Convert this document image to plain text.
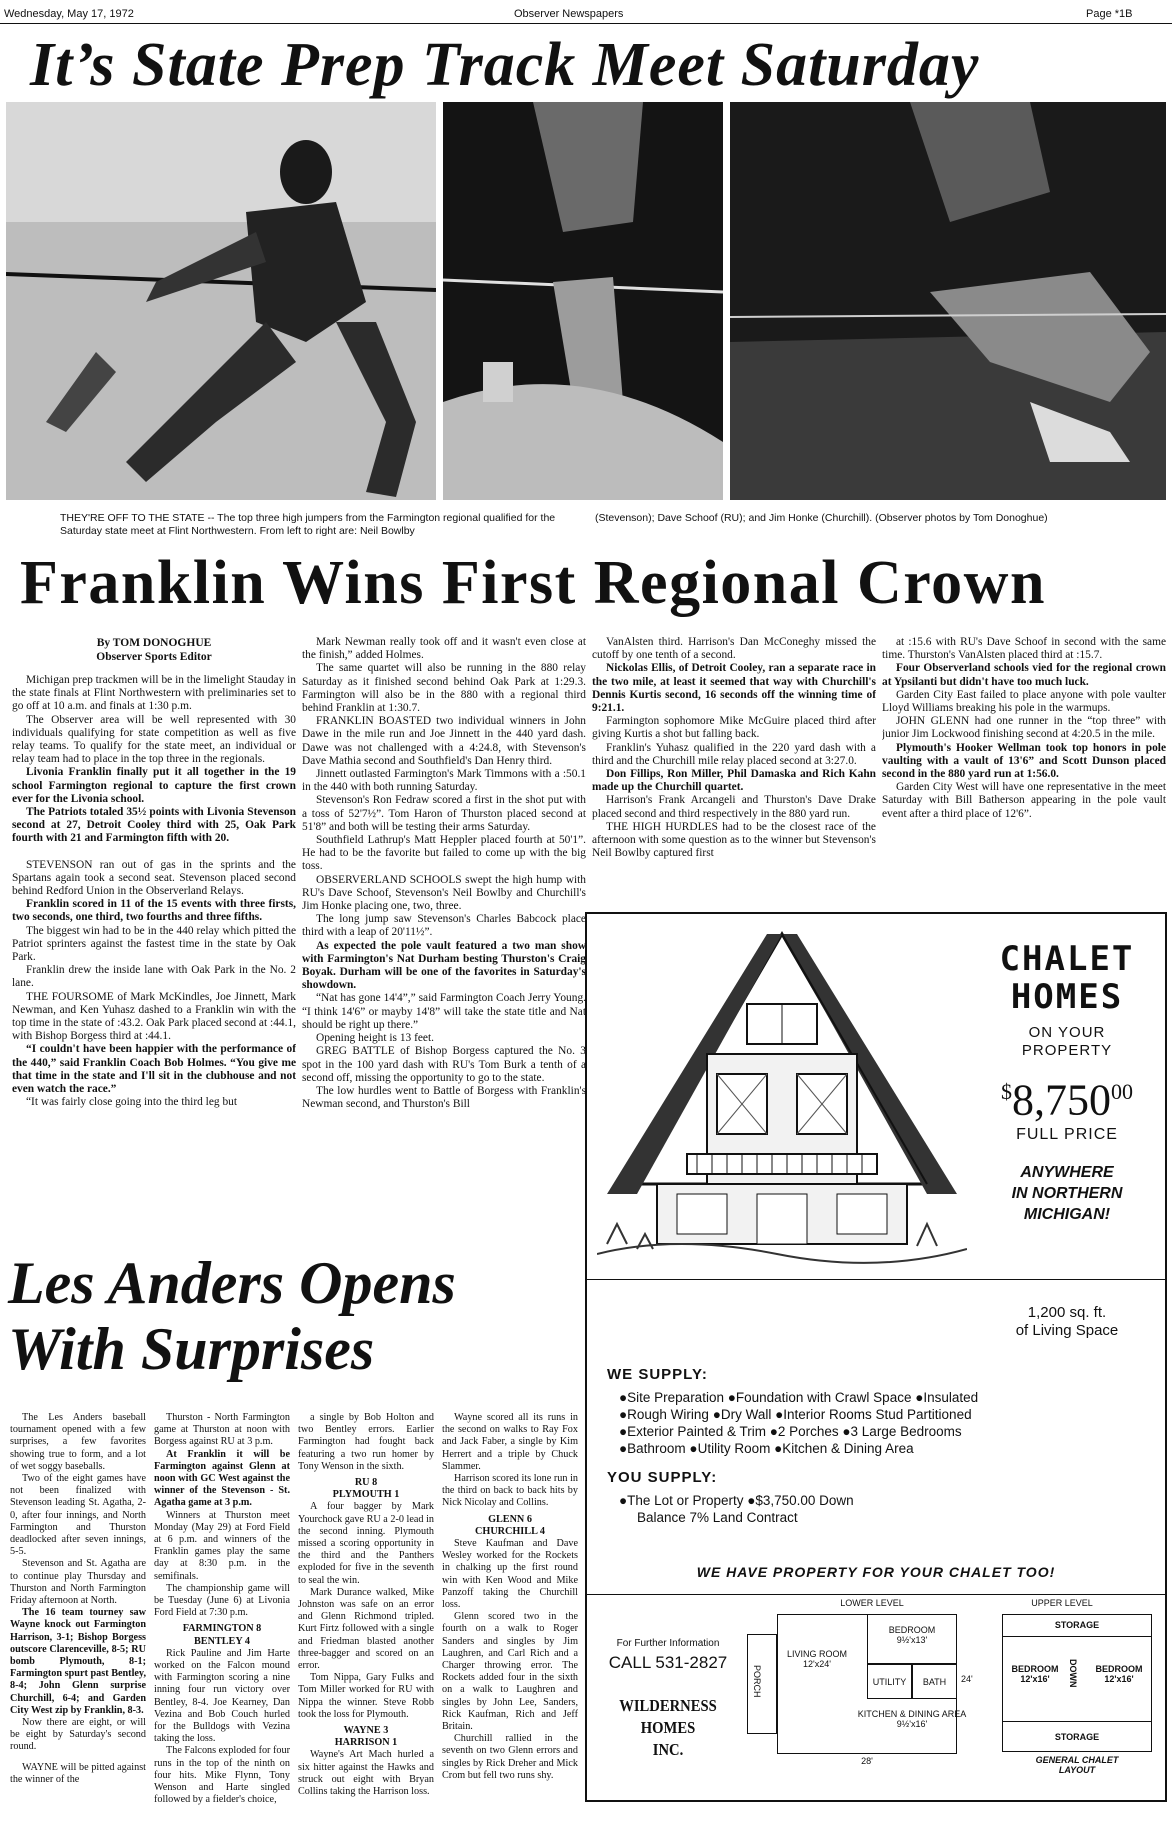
Wednesday, May 17, 1972	Observer Newspapers	Page *1B
It’s State Prep Track Meet Saturday
THEY'RE OFF TO THE STATE -- The top three high jumpers from the Farmington regional qualified for the Saturday state meet at Flint Northwestern. From left to right are: Neil Bowlby
(Stevenson); Dave Schoof (RU); and Jim Honke (Churchill). (Observer photos by Tom Donoghue)
Franklin Wins First Regional Crown
By TOM DONOGHUE
Observer Sports Editor

Michigan prep trackmen will be in the limelight Stauday in the state finals at Flint Northwestern with preliminaries set to go off at 10 a.m. and finals at 1:30 p.m.

The Observer area will be well represented with 30 individuals qualifying for state competition as well as five relay teams. To qualify for the state meet, an individual or relay team had to place in the top three in the regionals.

Livonia Franklin finally put it all together in the 19 school Farmington regional to capture the first crown ever for the Livonia school.

The Patriots totaled 35½ points with Livonia Stevenson second at 27, Detroit Cooley third with 25, Oak Park fourth with 21 and Farmington fifth with 20.

STEVENSON ran out of gas in the sprints and the Spartans again took a second seat. Stevenson placed second behind Redford Union in the Observerland Relays.

Franklin scored in 11 of the 15 events with three firsts, two seconds, one third, two fourths and three fifths.

The biggest win had to be in the 440 relay which pitted the Patriot sprinters against the fastest time in the state by Oak Park.

Franklin drew the inside lane with Oak Park in the No. 2 lane.

THE FOURSOME of Mark McKindles, Joe Jinnett, Mark Newman, and Ken Yuhasz dashed to a Franklin win with the top time in the state of :43.2. Oak Park placed second at :44.1, with Bishop Borgess third at :44.1.

“I couldn't have been happier with the performance of the 440,” said Franklin Coach Bob Holmes. “You give me that time in the state and I'll sit in the clubhouse and not even watch the race.”

“It was fairly close going into the third leg but

Mark Newman really took off and it wasn't even close at the finish,” added Holmes.

The same quartet will also be running in the 880 relay Saturday as it finished second behind Oak Park at 1:29.3. Farmington will also be in the 880 with a regional third behind Franklin at 1:30.7.

FRANKLIN BOASTED two individual winners in John Dawe in the mile run and Joe Jinnett in the 440 yard dash. Dawe was not challenged with a 4:24.8, with Stevenson's Dave Mathia second and Southfield's Dan Henry third.

Jinnett outlasted Farmington's Mark Timmons with a :50.1 in the 440 with both running Saturday.

Stevenson's Ron Fedraw scored a first in the shot put with a toss of 52'7½”. Tom Haron of Thurston placed second at 51'8” and both will be testing their arms Saturday.

Southfield Lathrup's Matt Heppler placed fourth at 50'1”. He had to be the favorite but failed to come up with the big toss.

OBSERVERLAND SCHOOLS swept the high hump with RU's Dave Schoof, Stevenson's Neil Bowlby and Churchill's Jim Honke placing one, two, three.

The long jump saw Stevenson's Charles Babcock place third with a leap of 20'11½”.

As expected the pole vault featured a two man show with Farmington's Nat Durham besting Thurston's Craig Boyak. Durham will be one of the favorites in Saturday's showdown.

“Nat has gone 14'4”,” said Farmington Coach Jerry Young. “I think 14'6” or mayby 14'8” will take the state title and Nat should be right up there.”

Opening height is 13 feet.

GREG BATTLE of Bishop Borgess captured the No. 3 spot in the 100 yard dash with RU's Tom Burk a tenth of a second off, missing the opportunity to go to the state.

The low hurdles went to Battle of Borgess with Franklin's Newman second, and Thurston's Bill

VanAlsten third. Harrison's Dan McConeghy missed the cutoff by one tenth of a second.

Nickolas Ellis, of Detroit Cooley, ran a separate race in the two mile, at least it seemed that way with Churchill's Dennis Kurtis second, 16 seconds off the winning time of 9:21.1.

Farmington sophomore Mike McGuire placed third after giving Kurtis a shot but falling back.

Franklin's Yuhasz qualified in the 220 yard dash with a third and the Churchill mile relay placed second at 3:27.0.

Don Fillips, Ron Miller, Phil Damaska and Rich Kahn made up the Churchill quartet.

Harrison's Frank Arcangeli and Thurston's Dave Drake placed second and third respectively in the 880 yard run.

THE HIGH HURDLES had to be the closest race of the afternoon with some question as to the winner but Stevenson's Neil Bowlby captured first

at :15.6 with RU's Dave Schoof in second with the same time. Thurston's VanAlsten placed third at :15.7.

Four Observerland schools vied for the regional crown at Ypsilanti but didn't have too much luck.

Garden City East failed to place anyone with pole vaulter Lloyd Williams breaking his pole in the warmups.

JOHN GLENN had one runner in the “top three” with junior Jim Lockwood finishing second at 4:20.5 in the mile.

Plymouth's Hooker Wellman took top honors in pole vaulting with a vault of 13'6” and Scott Dunson placed second in the 880 yard run at 1:56.0.

Garden City West will have one representative in the meet Saturday with Bill Batherson appearing in the pole vault event after a third place of 12'6”.

Les Anders Opens
With Surprises

The Les Anders baseball tournament opened with a few surprises, a few favorites showing true to form, and a lot of wet soggy baseballs.

Two of the eight games have not been finalized with Stevenson leading St. Agatha, 2-0, after four innings, and North Farmington and Thurston deadlocked after seven innings, 5-5.

Stevenson and St. Agatha are to continue play Thursday and Thurston and North Farmington Friday afternoon at North.

The 16 team tourney saw Wayne knock out Farmington Harrison, 3-1; Bishop Borgess outscore Clarenceville, 8-5; RU bomb Plymouth, 8-1; Farmington spurt past Bentley, 8-4; John Glenn surprise Churchill, 6-4; and Garden City West zip by Franklin, 8-3.

Now there are eight, or will be eight by Saturday's second round.

WAYNE will be pitted against the winner of the

Thurston - North Farmington game at Thurston at noon with Borgess against RU at 3 p.m.

At Franklin it will be Farmington against Glenn at noon with GC West against the winner of the Stevenson - St. Agatha game at 3 p.m.

Winners at Thurston meet Monday (May 29) at Ford Field at 6 p.m. and winners of the Franklin games play the same day at 8:30 p.m. in the semifinals.

The championship game will be Tuesday (June 6) at Livonia Ford Field at 7:30 p.m.

FARMINGTON 8

BENTLEY 4

Rick Pauline and Jim Harte worked on the Falcon mound with Farmington scoring a nine inning four run victory over Bentley, 8-4. Joe Kearney, Dan Vezina and Bob Couch hurled for the Bulldogs with Vezina taking the loss.

The Falcons exploded for four runs in the top of the ninth on four hits. Mike Flynn, Tony Wenson and Harte singled followed by a fielder's choice,

a single by Bob Holton and two Bentley errors. Earlier Farmington had fought back featuring a two run homer by Tony Wenson in the sixth.

RU 8

PLYMOUTH 1

A four bagger by Mark Yourchock gave RU a 2-0 lead in the second inning. Plymouth missed a scoring opportunity in the third and the Panthers exploded for five in the seventh to seal the win.

Mark Durance walked, Mike Johnston was safe on an error and Glenn Richmond tripled. Kurt Firtz followed with a single and Friedman blasted another three-bagger and scored on an error.

Tom Nippa, Gary Fulks and Tom Miller worked for RU with Nippa the winner. Steve Robb took the loss for Plymouth.

WAYNE 3

HARRISON 1

Wayne's Art Mach hurled a six hitter against the Hawks and struck out eight with Bryan Collins taking the Harrison loss.

Wayne scored all its runs in the second on walks to Ray Fox and Jack Faber, a single by Kim Herrert and a triple by Chuck Slammer.

Harrison scored its lone run in the third on back to back hits by Nick Nicolay and Collins.

GLENN 6

CHURCHILL 4

Steve Kaufman and Dave Wesley worked for the Rockets in chalking up the first round win with Ken Wood and Mike Panzoff taking the Churchill loss.

Glenn scored two in the fourth on a walk to Roger Sanders and singles by Jim Laughren, and Carl Rich and a Charger throwing error. The Rockets added four in the sixth on a walk to Laughren and singles by John Lee, Sanders, Rick Kaufman, Rich and Jeff Britain.

Churchill rallied in the seventh on two Glenn errors and singles by Rick Dreher and Mick Crom but fell two runs shy.

CHALET
HOMES
ON YOUR
PROPERTY
$8,750$^{00}$
FULL PRICE
ANYWHERE
IN NORTHERN
MICHIGAN!
1,200 sq. ft.
of Living Space
WE SUPPLY:
●Site Preparation ●Foundation with Crawl Space ●Insulated
●Rough Wiring ●Dry Wall ●Interior Rooms Stud Partitioned
●Exterior Painted & Trim ●2 Porches ●3 Large Bedrooms
●Bathroom ●Utility Room ●Kitchen & Dining Area
YOU SUPPLY:
●The Lot or Property ●$3,750.00 Down
Balance 7% Land Contract
WE HAVE PROPERTY FOR YOUR CHALET TOO!
For Further Information
CALL 531-2827
WILDERNESS HOMES
INC.
LOWER LEVEL	UPPER LEVEL
PORCH
BEDROOM
9½'x13'
LIVING ROOM
12'x24'
UTILITY	BATH
KITCHEN & DINING AREA
9½'x16'
24'
28'
STORAGE
BEDROOM
12'x16'	DOWN	BEDROOM
12'x16'
STORAGE
GENERAL CHALET
LAYOUT
